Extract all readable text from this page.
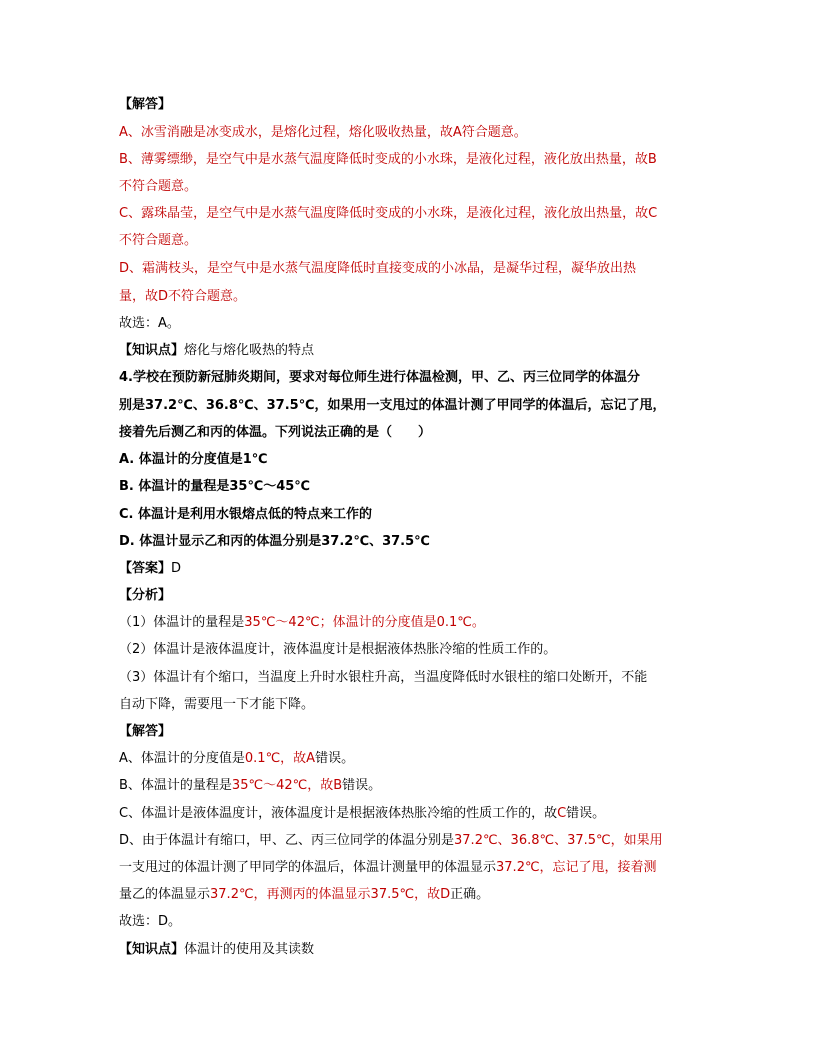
【解答】
A、冰雪消融是冰变成水，是熔化过程，熔化吸收热量，故A符合题意。
B、薄雾缥缈，是空气中是水蒸气温度降低时变成的小水珠，是液化过程，液化放出热量，故B
不符合题意。
C、露珠晶莹，是空气中是水蒸气温度降低时变成的小水珠，是液化过程，液化放出热量，故C
不符合题意。
D、霜满枝头，是空气中是水蒸气温度降低时直接变成的小冰晶，是凝华过程，凝华放出热
量，故D不符合题意。
故选：A。
【知识点】熔化与熔化吸热的特点
4.学校在预防新冠肺炎期间，要求对每位师生进行体温检测，甲、乙、丙三位同学的体温分
别是37.2℃、36.8℃、37.5℃，如果用一支甩过的体温计测了甲同学的体温后，忘记了甩，
接着先后测乙和丙的体温。下列说法正确的是（　　）
A. 体温计的分度值是1℃
B. 体温计的量程是35℃～45℃
C. 体温计是利用水银熔点低的特点来工作的
D. 体温计显示乙和丙的体温分别是37.2℃、37.5℃
【答案】D
【分析】
（1）体温计的量程是35℃～42℃；体温计的分度值是0.1℃。
（2）体温计是液体温度计，液体温度计是根据液体热胀冷缩的性质工作的。
（3）体温计有个缩口，当温度上升时水银柱升高，当温度降低时水银柱的缩口处断开，不能
自动下降，需要甩一下才能下降。
【解答】
A、体温计的分度值是0.1℃，故A错误。
B、体温计的量程是35℃～42℃，故B错误。
C、体温计是液体温度计，液体温度计是根据液体热胀冷缩的性质工作的，故C错误。
D、由于体温计有缩口，甲、乙、丙三位同学的体温分别是37.2℃、36.8℃、37.5℃，如果用
一支甩过的体温计测了甲同学的体温后，体温计测量甲的体温显示37.2℃，忘记了甩，接着测
量乙的体温显示37.2℃，再测丙的体温显示37.5℃，故D正确。
故选：D。
【知识点】体温计的使用及其读数
